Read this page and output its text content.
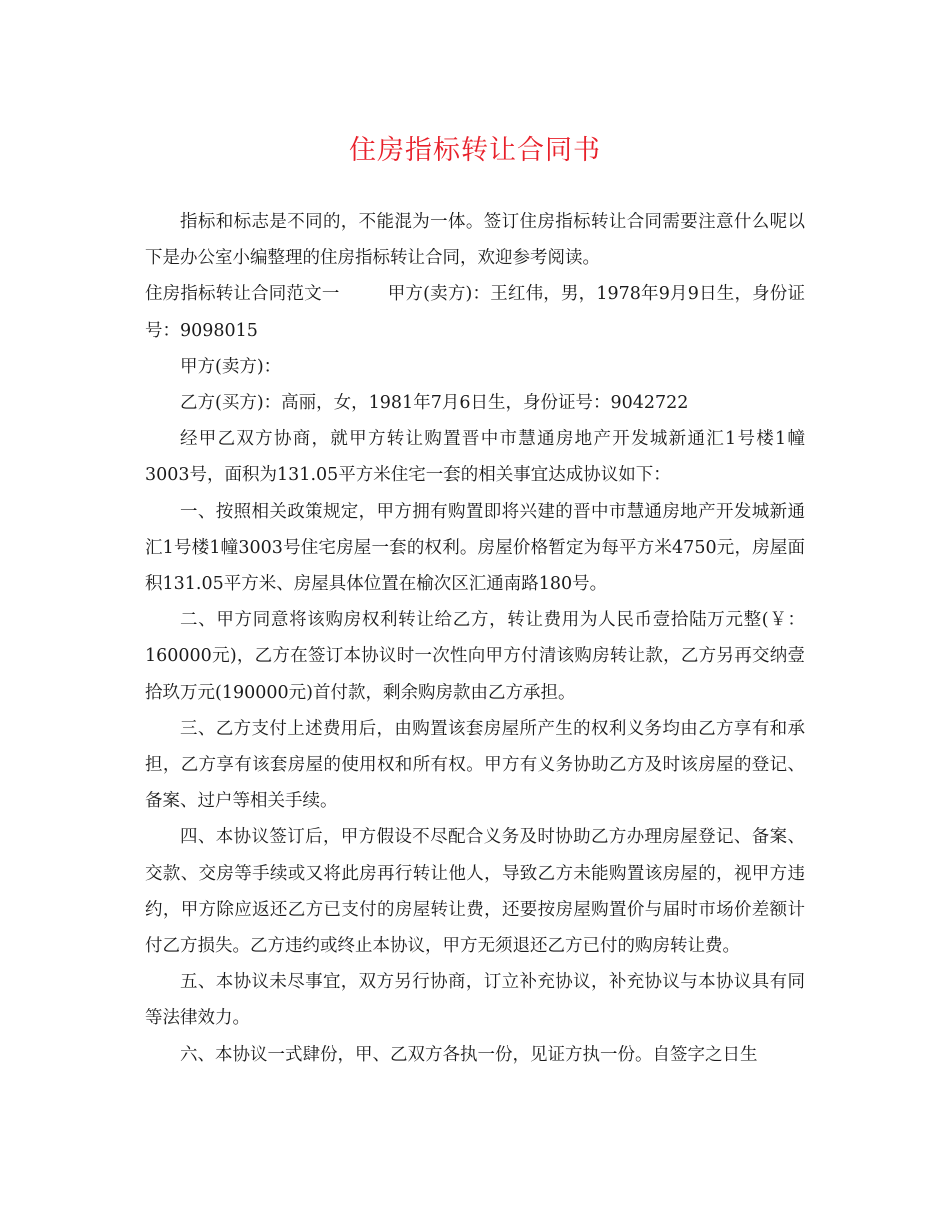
住房指标转让合同书

指标和标志是不同的，不能混为一体。签订住房指标转让合同需要注意什么呢以下是办公室小编整理的住房指标转让合同，欢迎参考阅读。

住房指标转让合同范文一	甲方(卖方)：王红伟，男，1978年9月9日生，身份证号：9098015

甲方(卖方)：

乙方(买方)：高丽，女，1981年7月6日生，身份证号：9042722

经甲乙双方协商，就甲方转让购置晋中市慧通房地产开发城新通汇1号楼1幢3003号，面积为131.05平方米住宅一套的相关事宜达成协议如下：

一、按照相关政策规定，甲方拥有购置即将兴建的晋中市慧通房地产开发城新通汇1号楼1幢3003号住宅房屋一套的权利。房屋价格暂定为每平方米4750元，房屋面积131.05平方米、房屋具体位置在榆次区汇通南路180号。

二、甲方同意将该购房权利转让给乙方，转让费用为人民币壹拾陆万元整(￥：160000元)，乙方在签订本协议时一次性向甲方付清该购房转让款，乙方另再交纳壹拾玖万元(190000元)首付款，剩余购房款由乙方承担。

三、乙方支付上述费用后，由购置该套房屋所产生的权利义务均由乙方享有和承担，乙方享有该套房屋的使用权和所有权。甲方有义务协助乙方及时该房屋的登记、备案、过户等相关手续。

四、本协议签订后，甲方假设不尽配合义务及时协助乙方办理房屋登记、备案、交款、交房等手续或又将此房再行转让他人，导致乙方未能购置该房屋的，视甲方违约，甲方除应返还乙方已支付的房屋转让费，还要按房屋购置价与届时市场价差额计付乙方损失。乙方违约或终止本协议，甲方无须退还乙方已付的购房转让费。

五、本协议未尽事宜，双方另行协商，订立补充协议，补充协议与本协议具有同等法律效力。

六、本协议一式肆份，甲、乙双方各执一份，见证方执一份。自签字之日生
